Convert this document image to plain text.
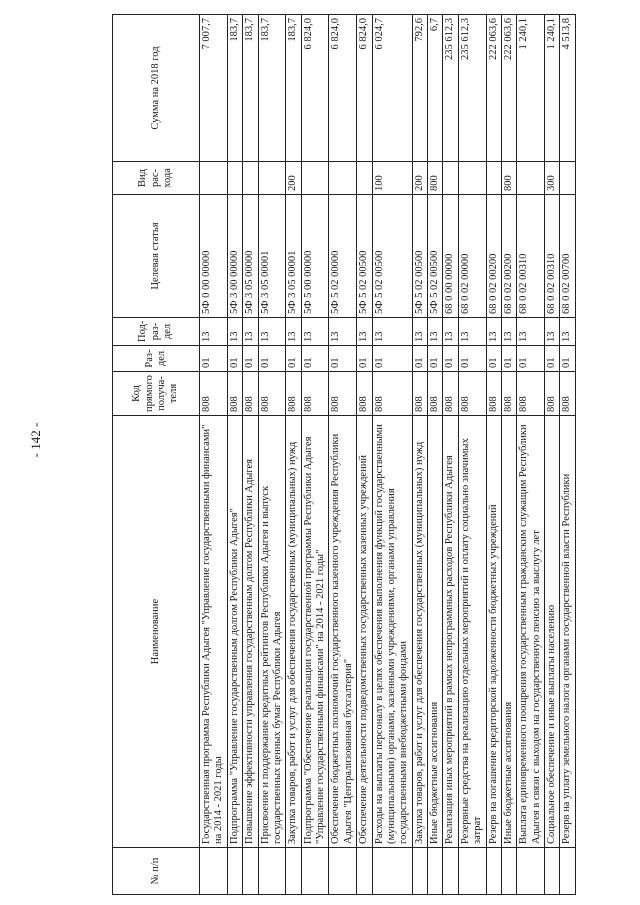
- 142 -
№ п/п	Наименование	Код прямого получа-теля	Раз-дел	Под-раз-дел	Целевая статья	Вид рас-хода	Сумма на 2018 год
	Государственная программа Республики Адыгея "Управление государственными финансами" на 2014 - 2021 годы	808	01	13	5Ф 0 00 00000		7 007,7
	Подпрограмма "Управление государственным долгом Республики Адыгея"	808	01	13	5Ф 3 00 00000		183,7
	Повышение эффективности управления государственным долгом Республики Адыгея	808	01	13	5Ф 3 05 00000		183,7
	Присвоение и поддержание кредитных рейтингов Республики Адыгея и выпуск государственных ценных бумаг Республики Адыгея	808	01	13	5Ф 3 05 00001		183,7
	Закупка товаров, работ и услуг для обеспечения государственных (муниципальных) нужд	808	01	13	5Ф 3 05 00001	200	183,7
	Подпрограмма "Обеспечение реализации государственной программы Республики Адыгея "Управление государственными финансами" на 2014 - 2021 годы"	808	01	13	5Ф 5 00 00000		6 824,0
	Обеспечение бюджетных полномочий государственного казенного учреждения Республики Адыгея "Централизованная бухгалтерия"	808	01	13	5Ф 5 02 00000		6 824,0
	Обеспечение деятельности подведомственных государственных казенных учреждений	808	01	13	5Ф 5 02 00500		6 824,0
	Расходы на выплаты персоналу в целях обеспечения выполнения функций государственными (муниципальными) органами, казенными учреждениями, органами управления государственными внебюджетными фондами	808	01	13	5Ф 5 02 00500	100	6 024,7
	Закупка товаров, работ и услуг для обеспечения государственных (муниципальных) нужд	808	01	13	5Ф 5 02 00500	200	792,6
	Иные бюджетные ассигнования	808	01	13	5Ф 5 02 00500	800	6,7
	Реализация иных мероприятий в рамках непрограммных расходов Республики Адыгея	808	01	13	68 0 00 00000		235 612,3
	Резервные средства на реализацию отдельных мероприятий и оплату социально значимых затрат	808	01	13	68 0 02 00000		235 612,3
	Резерв на погашение кредиторской задолженности бюджетных учреждений	808	01	13	68 0 02 00200		222 063,6
	Иные бюджетные ассигнования	808	01	13	68 0 02 00200	800	222 063,6
	Выплата единовременного поощрения государственным гражданским служащим Республики Адыгея в связи с выходом на государственную пенсию за выслугу лет	808	01	13	68 0 02 00310		1 240,1
	Социальное обеспечение и иные выплаты населению	808	01	13	68 0 02 00310	300	1 240,1
	Резерв на уплату земельного налога органами государственной власти Республики	808	01	13	68 0 02 00700		4 513,8
